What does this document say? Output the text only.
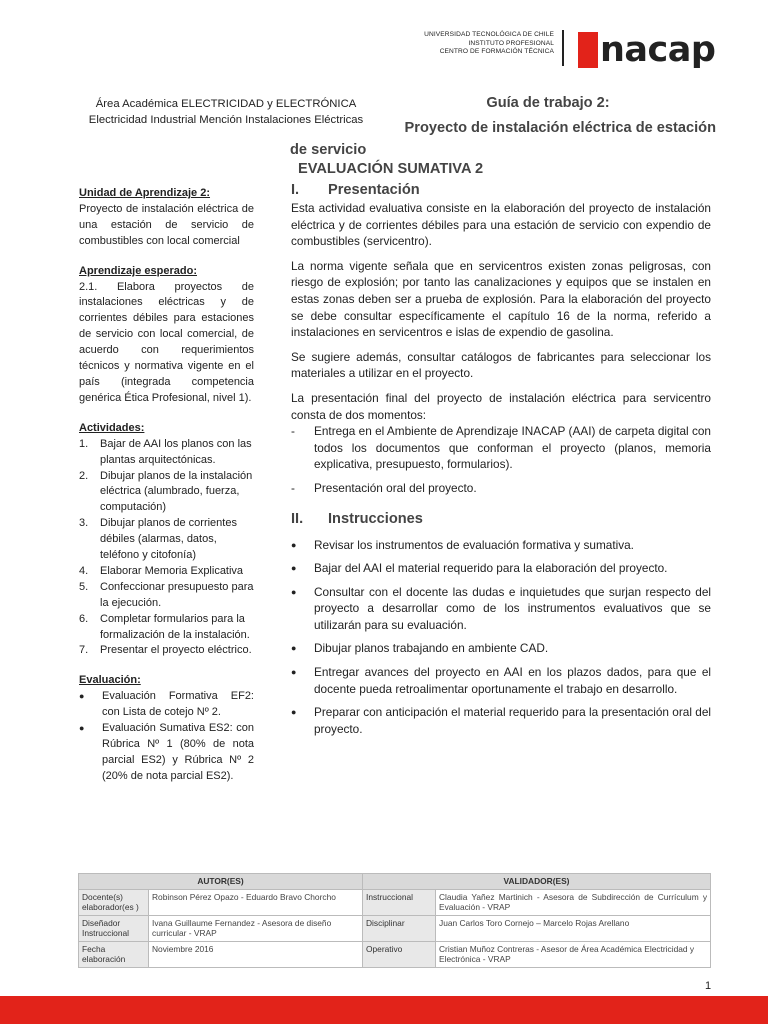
UNIVERSIDAD TECNOLÓGICA DE CHILE
INSTITUTO PROFESIONAL
CENTRO DE FORMACIÓN TÉCNICA nacap
Área Académica ELECTRICIDAD y ELECTRÓNICA
Electricidad Industrial Mención Instalaciones Eléctricas
Guía de trabajo 2:
Proyecto de instalación eléctrica de estación
de servicio
EVALUACIÓN SUMATIVA 2
Unidad de Aprendizaje 2:

Proyecto de instalación eléctrica de una estación de servicio de combustibles con local comercial

Aprendizaje esperado:

2.1. Elabora proyectos de instalaciones eléctricas y de corrientes débiles para estaciones de servicio con local comercial, de acuerdo con requerimientos técnicos y normativa vigente en el país (integrada competencia genérica Ética Profesional, nivel 1).

Actividades:
1.	Bajar de AAI los planos con las plantas arquitectónicas.
2.	Dibujar planos de la instalación eléctrica (alumbrado, fuerza, computación)
3.	Dibujar planos de corrientes débiles (alarmas, datos, teléfono y citofonía)
4.	Elaborar Memoria Explicativa
5.	Confeccionar presupuesto para la ejecución.
6.	Completar formularios para la formalización de la instalación.
7.	Presentar el proyecto eléctrico.
Evaluación:
●	Evaluación Formativa EF2: con Lista de cotejo Nº 2.
●	Evaluación Sumativa ES2: con Rúbrica Nº 1 (80% de nota parcial ES2) y Rúbrica Nº 2 (20% de nota parcial ES2).
I.	Presentación

Esta actividad evaluativa consiste en la elaboración del proyecto de instalación eléctrica y de corrientes débiles para una estación de servicio con expendio de combustibles (servicentro).

La norma vigente señala que en servicentros existen zonas peligrosas, con riesgo de explosión; por tanto las canalizaciones y equipos que se instalen en estas zonas deben ser a prueba de explosión. Para la elaboración del proyecto se debe consultar específicamente el capítulo 16 de la norma, referido a instalaciones en servicentros e islas de expendio de gasolina.

Se sugiere además, consultar catálogos de fabricantes para seleccionar los materiales a utilizar en el proyecto.

La presentación final del proyecto de instalación eléctrica para servicentro consta de dos momentos:

-	Entrega en el Ambiente de Aprendizaje INACAP (AAI) de carpeta digital con todos los documentos que conforman el proyecto (planos, memoria explicativa, presupuesto, formularios).
-	Presentación oral del proyecto.
II.	Instrucciones
●	Revisar los instrumentos de evaluación formativa y sumativa.
●	Bajar del AAI el material requerido para la elaboración del proyecto.
●	Consultar con el docente las dudas e inquietudes que surjan respecto del proyecto a desarrollar como de los instrumentos evaluativos que se utilizarán para su evaluación.
●	Dibujar planos trabajando en ambiente CAD.
●	Entregar avances del proyecto en AAI en los plazos dados, para que el docente pueda retroalimentar oportunamente el trabajo en desarrollo.
●	Preparar con anticipación el material requerido para la presentación oral del proyecto.
AUTOR(ES)		VALIDADOR(ES)	
Docente(s) elaborador(es )	Robinson Pérez Opazo - Eduardo Bravo Chorcho	Instruccional	Claudia Yañez Martinich - Asesora de Subdirección de Currículum y Evaluación - VRAP
Diseñador Instruccional	Ivana Guillaume Fernandez - Asesora de diseño curricular - VRAP	Disciplinar	Juan Carlos Toro Cornejo – Marcelo Rojas Arellano
Fecha elaboración	Noviembre 2016	Operativo	Cristian Muñoz Contreras - Asesor de Área Académica Electricidad y Electrónica - VRAP
1
